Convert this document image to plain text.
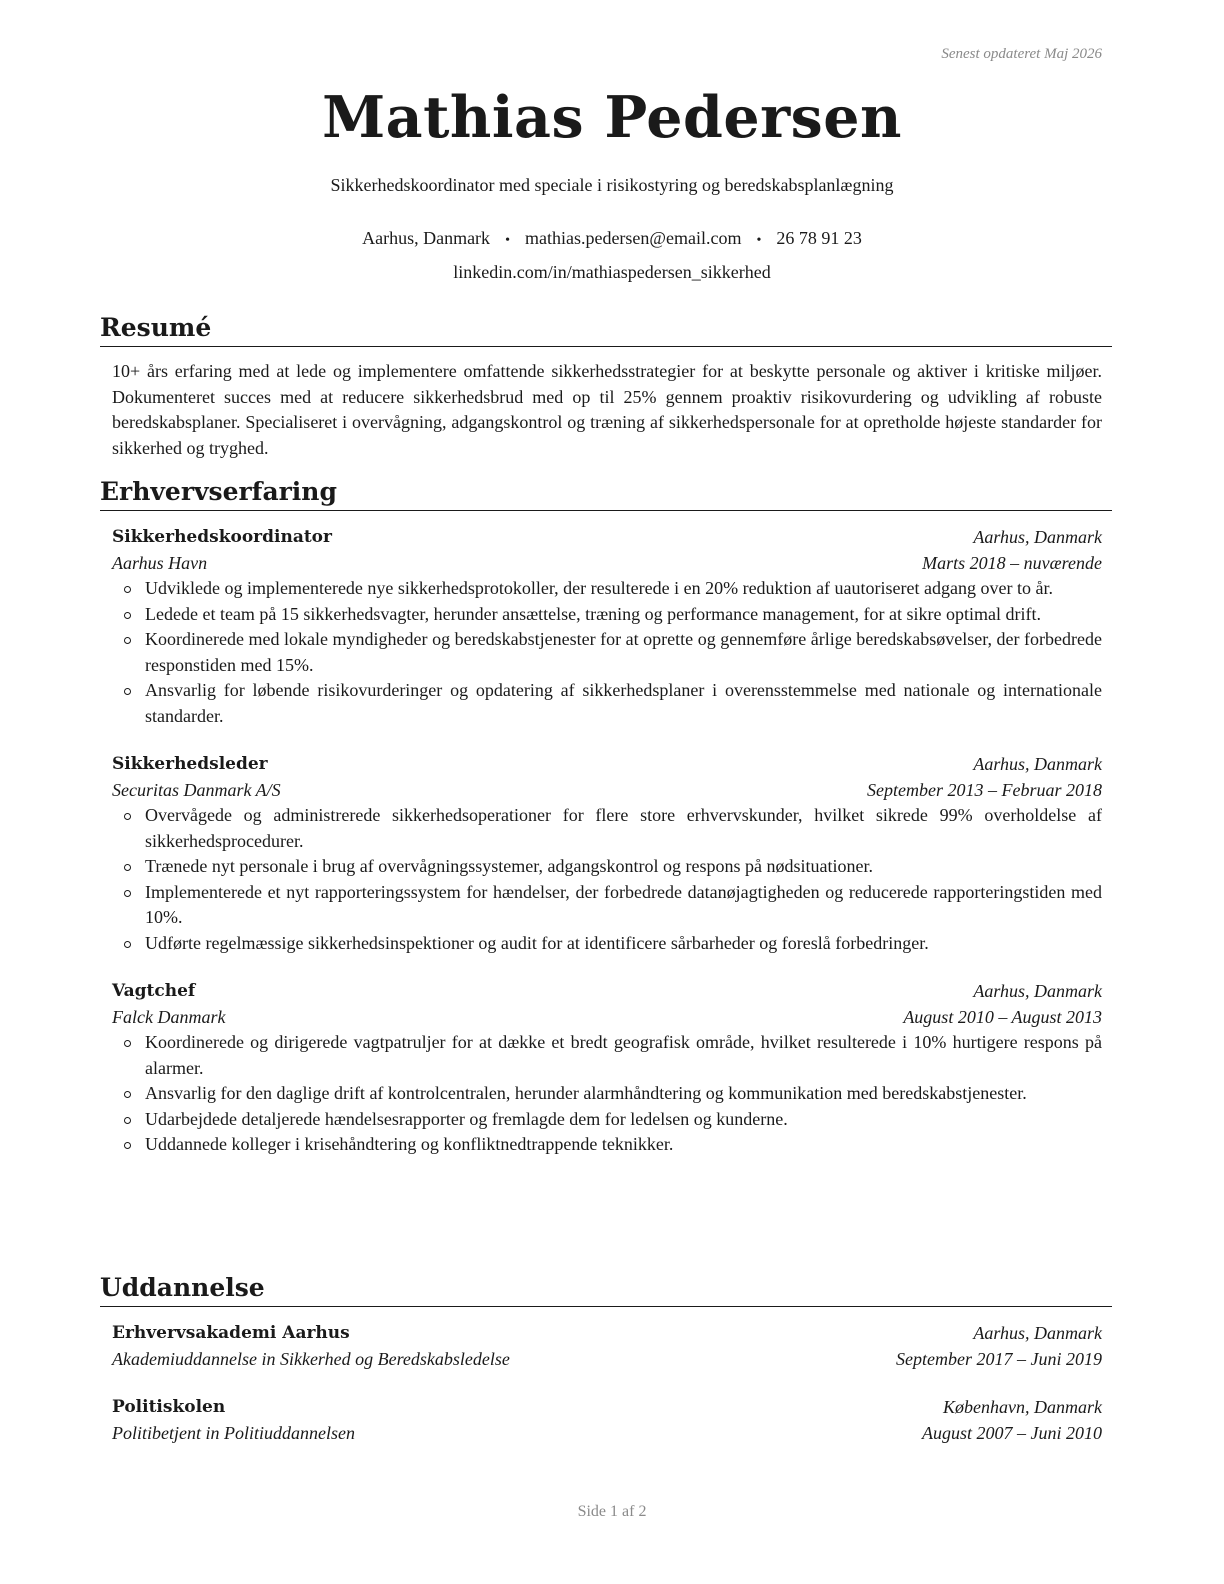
Senest opdateret Maj 2026
Mathias Pedersen
Sikkerhedskoordinator med speciale i risikostyring og beredskabsplanlægning
Aarhus, Danmark • mathias.pedersen@email.com • 26 78 91 23
linkedin.com/in/mathiaspedersen_sikkerhed
Resumé
10+ års erfaring med at lede og implementere omfattende sikkerhedsstrategier for at beskytte personale og aktiver i kritiske miljøer. Dokumenteret succes med at reducere sikkerhedsbrud med op til 25% gennem proaktiv risikovurdering og udvikling af robuste beredskabsplaner. Specialiseret i overvågning, adgangskontrol og træning af sikkerhedspersonale for at opretholde højeste standarder for sikkerhed og tryghed.
Erhvervserfaring
Sikkerhedskoordinator	Aarhus, Danmark
Aarhus Havn	Marts 2018 – nuværende
Udviklede og implementerede nye sikkerhedsprotokoller, der resulterede i en 20% reduktion af uautoriseret adgang over to år.
Ledede et team på 15 sikkerhedsvagter, herunder ansættelse, træning og performance management, for at sikre optimal drift.
Koordinerede med lokale myndigheder og beredskabstjenester for at oprette og gennemføre årlige beredskabsøvelser, der forbedrede responstiden med 15%.
Ansvarlig for løbende risikovurderinger og opdatering af sikkerhedsplaner i overensstemmelse med nationale og internationale standarder.
Sikkerhedsleder	Aarhus, Danmark
Securitas Danmark A/S	September 2013 – Februar 2018
Overvågede og administrerede sikkerhedsoperationer for flere store erhvervskunder, hvilket sikrede 99% overholdelse af sikkerhedsprocedurer.
Trænede nyt personale i brug af overvågningssystemer, adgangskontrol og respons på nødsituationer.
Implementerede et nyt rapporteringssystem for hændelser, der forbedrede datanøjagtigheden og reducerede rapporteringstiden med 10%.
Udførte regelmæssige sikkerhedsinspektioner og audit for at identificere sårbarheder og foreslå forbedringer.
Vagtchef	Aarhus, Danmark
Falck Danmark	August 2010 – August 2013
Koordinerede og dirigerede vagtpatruljer for at dække et bredt geografisk område, hvilket resulterede i 10% hurtigere respons på alarmer.
Ansvarlig for den daglige drift af kontrolcentralen, herunder alarmhåndtering og kommunikation med beredskabstjenester.
Udarbejdede detaljerede hændelsesrapporter og fremlagde dem for ledelsen og kunderne.
Uddannede kolleger i krisehåndtering og konfliktnedtrappende teknikker.
Uddannelse
Erhvervsakademi Aarhus	Aarhus, Danmark
Akademiuddannelse in Sikkerhed og Beredskabsledelse	September 2017 – Juni 2019
Politiskolen	København, Danmark
Politibetjent in Politiuddannelsen	August 2007 – Juni 2010
Side 1 af 2
